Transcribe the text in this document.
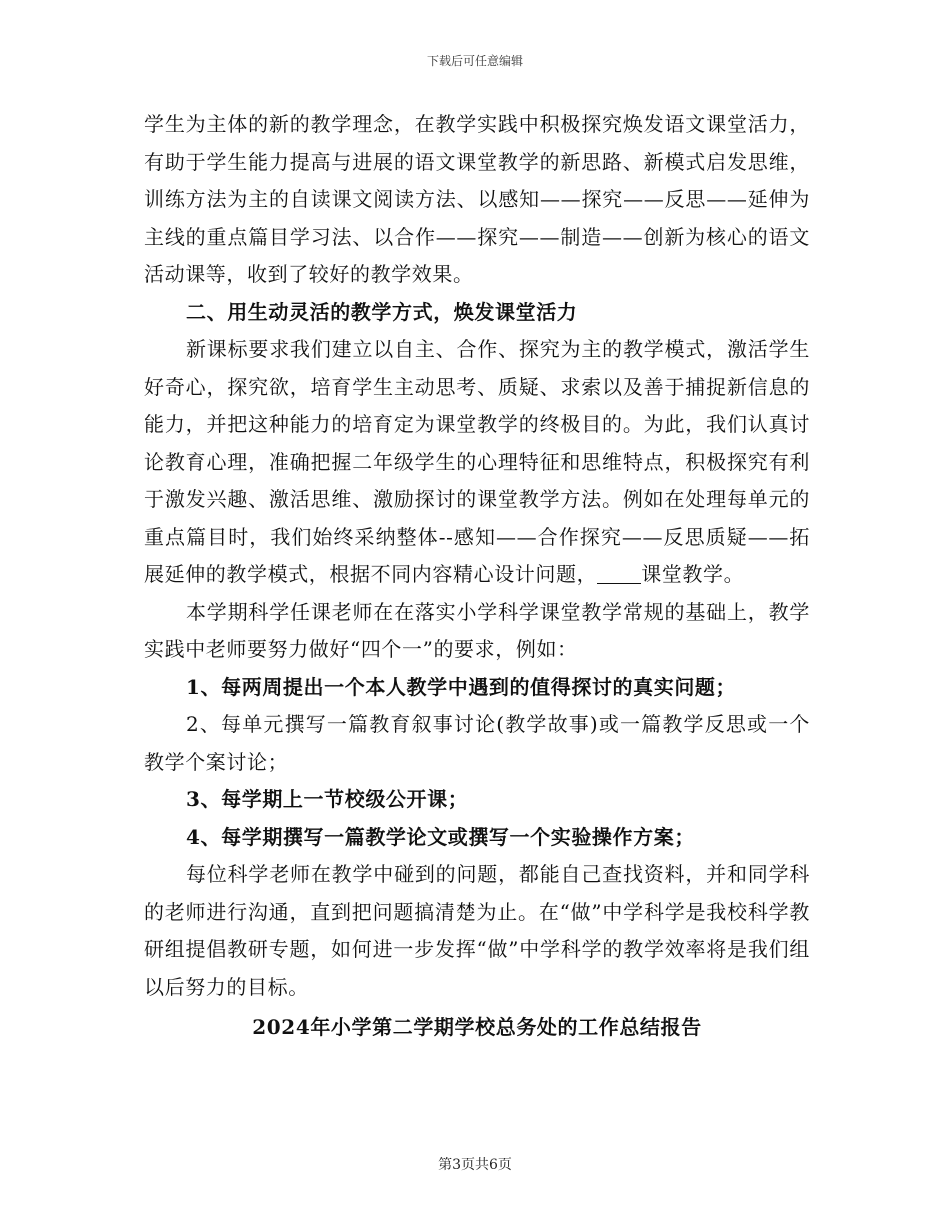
下载后可任意编辑

学生为主体的新的教学理念，在教学实践中积极探究焕发语文课堂活力，有助于学生能力提高与进展的语文课堂教学的新思路、新模式启发思维，训练方法为主的自读课文阅读方法、以感知——探究——反思——延伸为主线的重点篇目学习法、以合作——探究——制造——创新为核心的语文活动课等，收到了较好的教学效果。

二、用生动灵活的教学方式，焕发课堂活力

新课标要求我们建立以自主、合作、探究为主的教学模式，激活学生好奇心，探究欲，培育学生主动思考、质疑、求索以及善于捕捉新信息的能力，并把这种能力的培育定为课堂教学的终极目的。为此，我们认真讨论教育心理，准确把握二年级学生的心理特征和思维特点，积极探究有利于激发兴趣、激活思维、激励探讨的课堂教学方法。例如在处理每单元的重点篇目时，我们始终采纳整体--感知——合作探究——反思质疑——拓展延伸的教学模式，根据不同内容精心设计问题， 课堂教学。

本学期科学任课老师在在落实小学科学课堂教学常规的基础上，教学实践中老师要努力做好“四个一”的要求，例如：

1、每两周提出一个本人教学中遇到的值得探讨的真实问题；

2、每单元撰写一篇教育叙事讨论(教学故事)或一篇教学反思或一个教学个案讨论；

3、每学期上一节校级公开课；

4、每学期撰写一篇教学论文或撰写一个实验操作方案；

每位科学老师在教学中碰到的问题，都能自己查找资料，并和同学科的老师进行沟通，直到把问题搞清楚为止。在“做”中学科学是我校科学教研组提倡教研专题，如何进一步发挥“做”中学科学的教学效率将是我们组以后努力的目标。

2024年小学第二学期学校总务处的工作总结报告

第3页共6页
